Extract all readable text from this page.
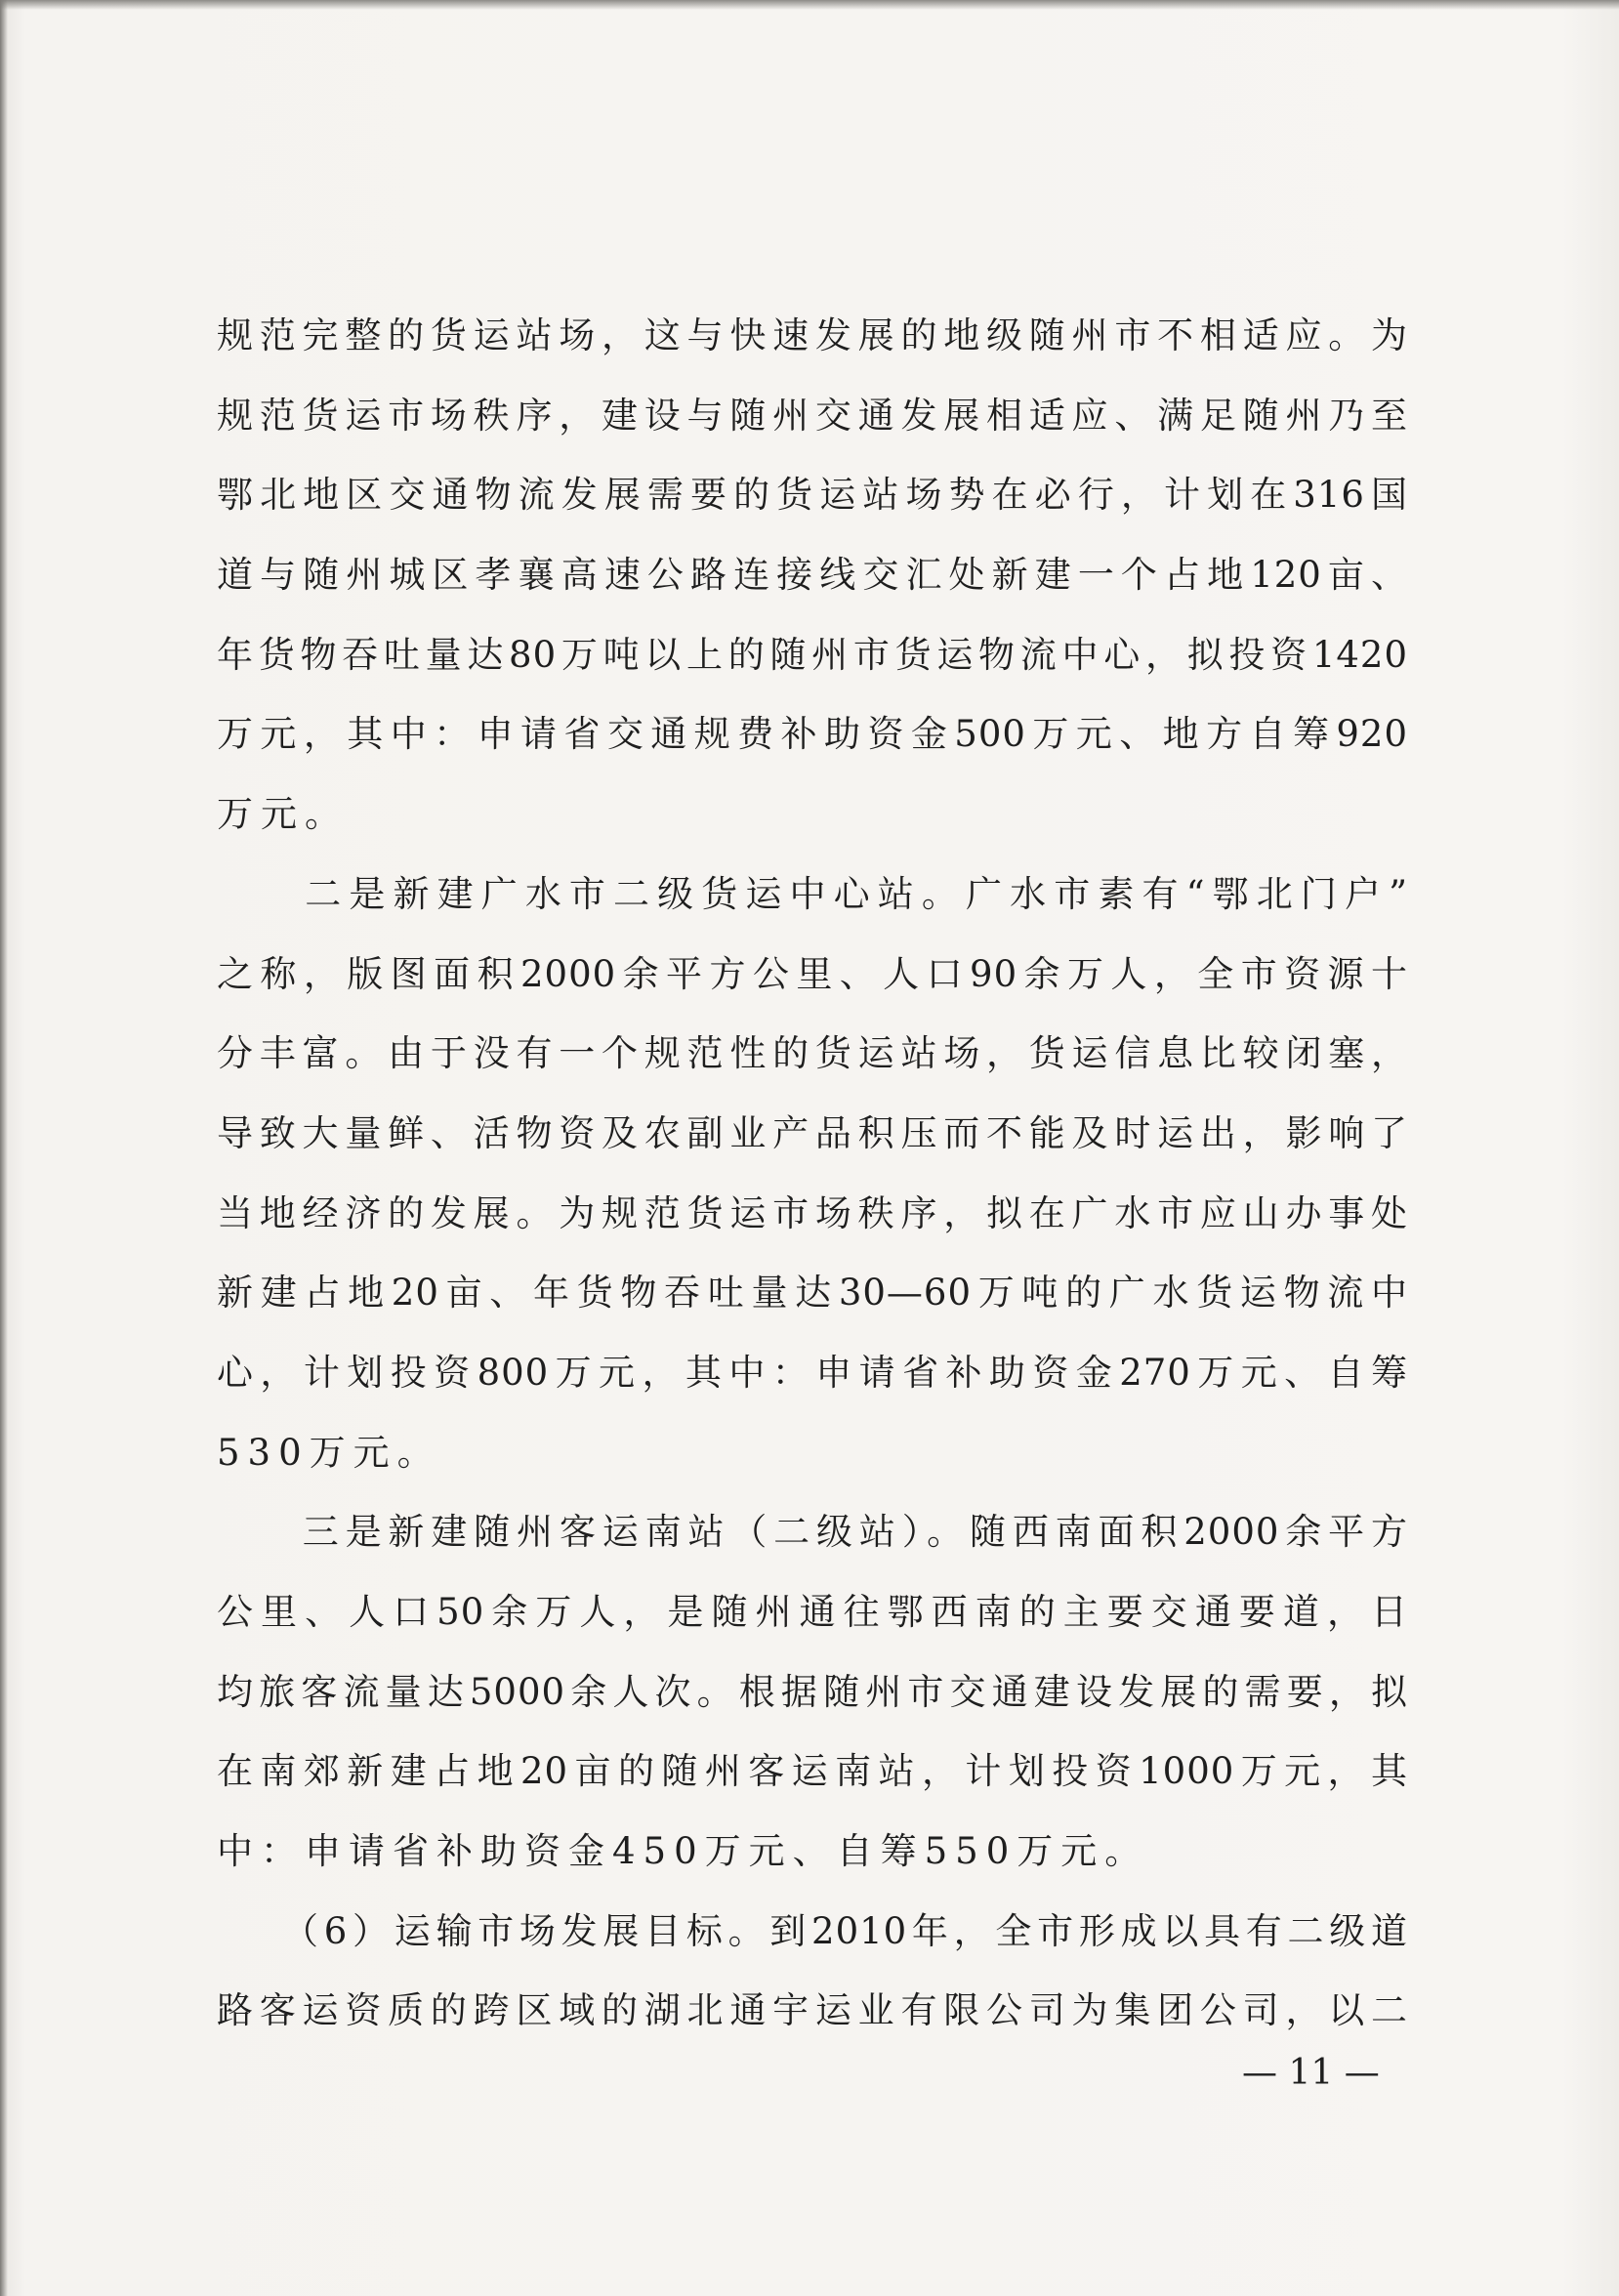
规范完整的货运站场，这与快速发展的地级随州市不相适应。为
规范货运市场秩序，建设与随州交通发展相适应、满足随州乃至
鄂北地区交通物流发展需要的货运站场势在必行，计划在316国
道与随州城区孝襄高速公路连接线交汇处新建一个占地120亩、
年货物吞吐量达80万吨以上的随州市货运物流中心，拟投资1420
万元，其中：申请省交通规费补助资金500万元、地方自筹920
万元。
　　二是新建广水市二级货运中心站。广水市素有“鄂北门户”
之称，版图面积2000余平方公里、人口90余万人，全市资源十
分丰富。由于没有一个规范性的货运站场，货运信息比较闭塞，
导致大量鲜、活物资及农副业产品积压而不能及时运出，影响了
当地经济的发展。为规范货运市场秩序，拟在广水市应山办事处
新建占地20亩、年货物吞吐量达30—60万吨的广水货运物流中
心，计划投资800万元，其中：申请省补助资金270万元、自筹
530万元。
　　三是新建随州客运南站（二级站）。随西南面积2000余平方
公里、人口50余万人，是随州通往鄂西南的主要交通要道，日
均旅客流量达5000余人次。根据随州市交通建设发展的需要，拟
在南郊新建占地20亩的随州客运南站，计划投资1000万元，其
中：申请省补助资金450万元、自筹550万元。
　　（6）运输市场发展目标。到2010年，全市形成以具有二级道
路客运资质的跨区域的湖北通宇运业有限公司为集团公司，以二
— 11 —
